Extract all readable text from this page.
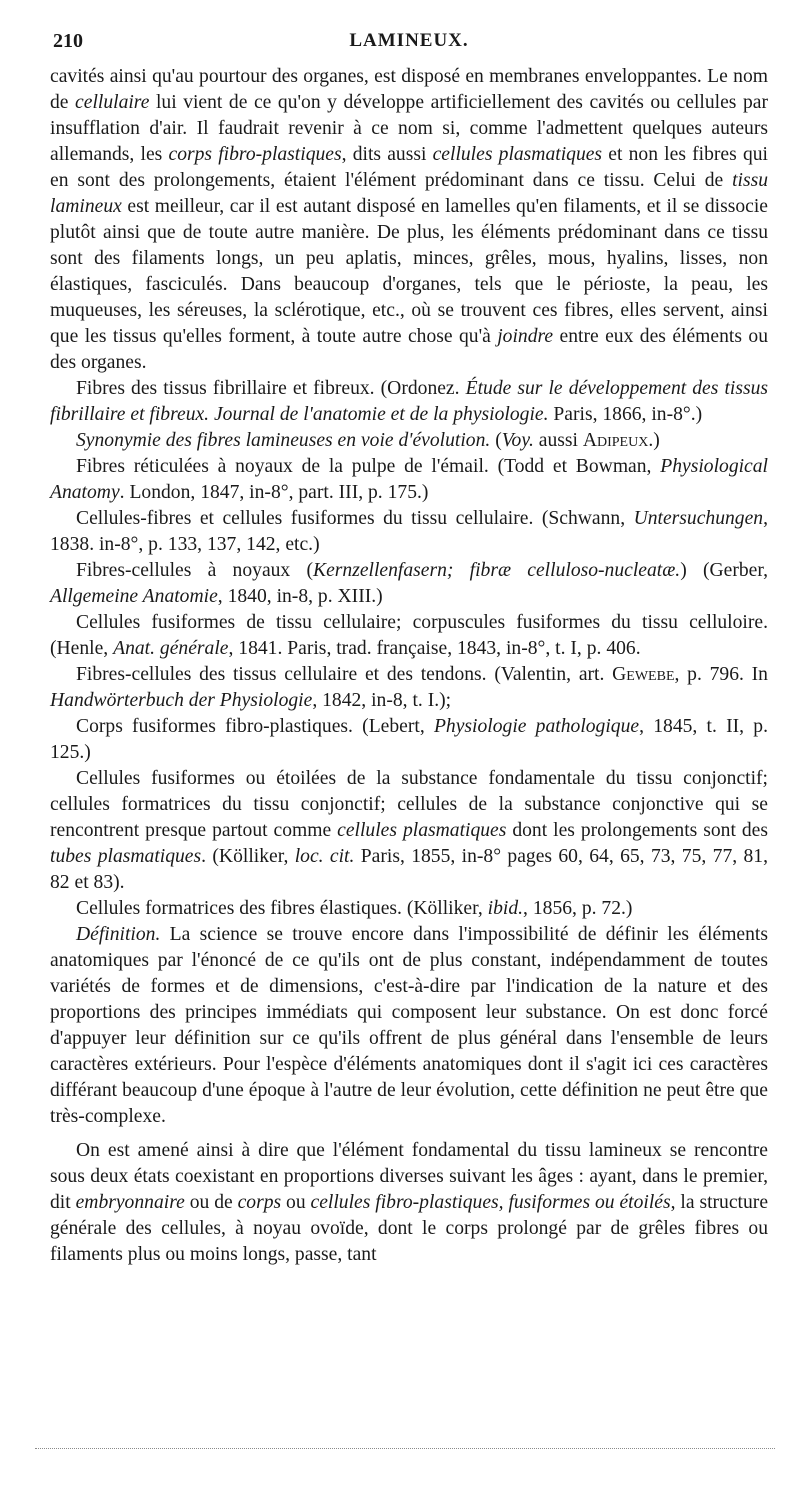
210	LAMINEUX.

cavités ainsi qu'au pourtour des organes, est disposé en membranes enveloppantes. Le nom de cellulaire lui vient de ce qu'on y développe artificiellement des cavités ou cellules par insufflation d'air. Il faudrait revenir à ce nom si, comme l'admettent quelques auteurs allemands, les corps fibro-plastiques, dits aussi cellules plasmatiques et non les fibres qui en sont des prolongements, étaient l'élément prédominant dans ce tissu. Celui de tissu lamineux est meilleur, car il est autant disposé en lamelles qu'en filaments, et il se dissocie plutôt ainsi que de toute autre manière. De plus, les éléments prédominant dans ce tissu sont des filaments longs, un peu aplatis, minces, grêles, mous, hyalins, lisses, non élastiques, fasciculés. Dans beaucoup d'organes, tels que le périoste, la peau, les muqueuses, les séreuses, la sclérotique, etc., où se trouvent ces fibres, elles servent, ainsi que les tissus qu'elles forment, à toute autre chose qu'à joindre entre eux des éléments ou des organes.

Fibres des tissus fibrillaire et fibreux. (Ordonez. Étude sur le développement des tissus fibrillaire et fibreux. Journal de l'anatomie et de la physiologie. Paris, 1866, in-8°.)

Synonymie des fibres lamineuses en voie d'évolution. (Voy. aussi Adipeux.)

Fibres réticulées à noyaux de la pulpe de l'émail. (Todd et Bowman, Physiological Anatomy. London, 1847, in-8°, part. III, p. 175.)

Cellules-fibres et cellules fusiformes du tissu cellulaire. (Schwann, Untersuchungen, 1838. in-8°, p. 133, 137, 142, etc.)

Fibres-cellules à noyaux (Kernzellenfasern; fibræ celluloso-nucleatæ.) (Gerber, Allgemeine Anatomie, 1840, in-8, p. XIII.)

Cellules fusiformes de tissu cellulaire; corpuscules fusiformes du tissu celluloire. (Henle, Anat. générale, 1841. Paris, trad. française, 1843, in-8°, t. I, p. 406.

Fibres-cellules des tissus cellulaire et des tendons. (Valentin, art. Gewebe, p. 796. In Handwörterbuch der Physiologie, 1842, in-8, t. I.);

Corps fusiformes fibro-plastiques. (Lebert, Physiologie pathologique, 1845, t. II, p. 125.)

Cellules fusiformes ou étoilées de la substance fondamentale du tissu conjonctif; cellules formatrices du tissu conjonctif; cellules de la substance conjonctive qui se rencontrent presque partout comme cellules plasmatiques dont les prolongements sont des tubes plasmatiques. (Kölliker, loc. cit. Paris, 1855, in-8° pages 60, 64, 65, 73, 75, 77, 81, 82 et 83).

Cellules formatrices des fibres élastiques. (Kölliker, ibid., 1856, p. 72.)

Définition. La science se trouve encore dans l'impossibilité de définir les éléments anatomiques par l'énoncé de ce qu'ils ont de plus constant, indépendamment de toutes variétés de formes et de dimensions, c'est-à-dire par l'indication de la nature et des proportions des principes immédiats qui composent leur substance. On est donc forcé d'appuyer leur définition sur ce qu'ils offrent de plus général dans l'ensemble de leurs caractères extérieurs. Pour l'espèce d'éléments anatomiques dont il s'agit ici ces caractères différant beaucoup d'une époque à l'autre de leur évolution, cette définition ne peut être que très-complexe.

On est amené ainsi à dire que l'élément fondamental du tissu lamineux se rencontre sous deux états coexistant en proportions diverses suivant les âges : ayant, dans le premier, dit embryonnaire ou de corps ou cellules fibro-plastiques, fusiformes ou étoilés, la structure générale des cellules, à noyau ovoïde, dont le corps prolongé par de grêles fibres ou filaments plus ou moins longs, passe, tant
